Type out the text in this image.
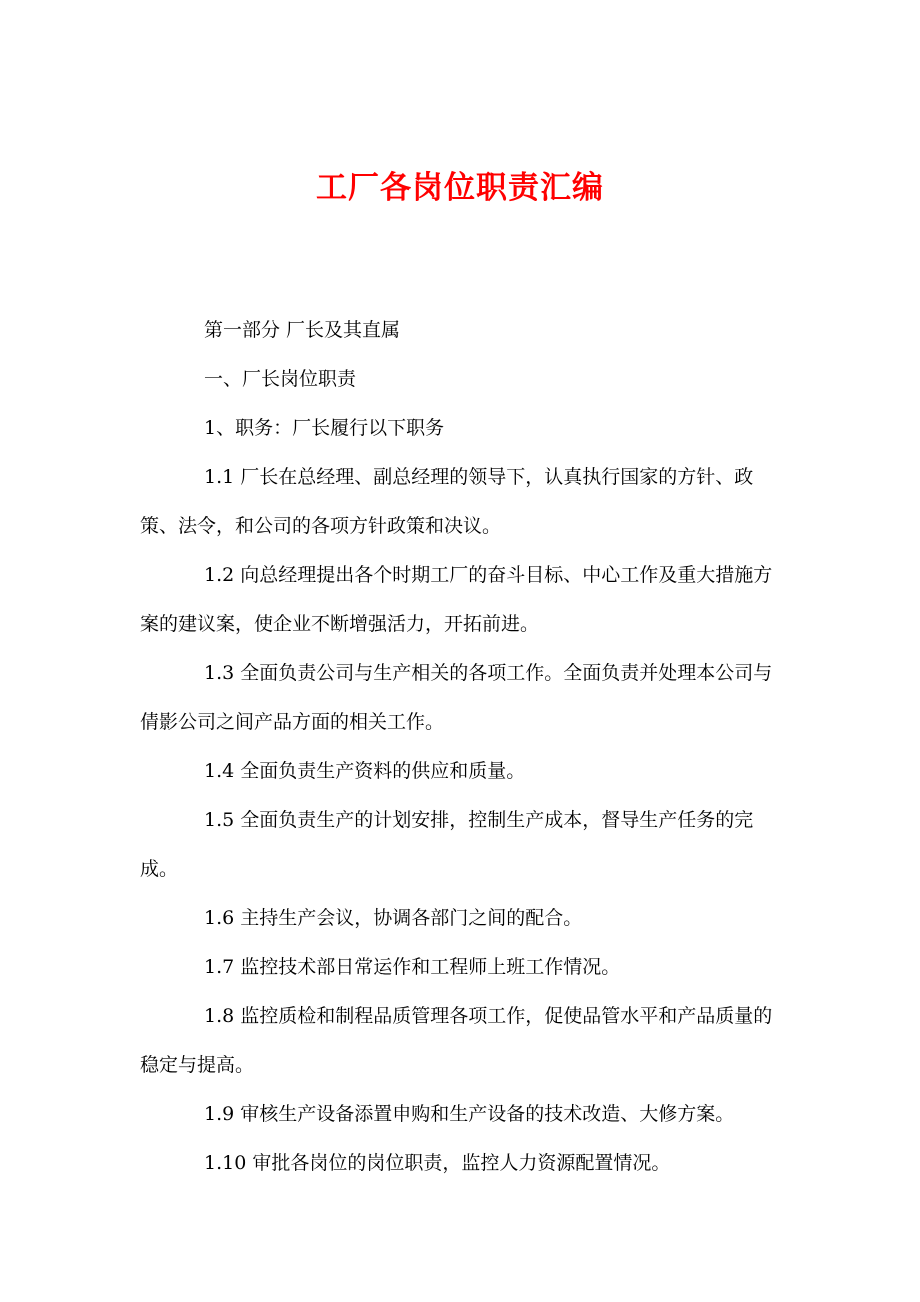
工厂各岗位职责汇编

第一部分 厂长及其直属

一、厂长岗位职责

1、职务：厂长履行以下职务

1.1 厂长在总经理、副总经理的领导下，认真执行国家的方针、政策、法令，和公司的各项方针政策和决议。

1.2 向总经理提出各个时期工厂的奋斗目标、中心工作及重大措施方案的建议案，使企业不断增强活力，开拓前进。

1.3 全面负责公司与生产相关的各项工作。全面负责并处理本公司与倩影公司之间产品方面的相关工作。

1.4 全面负责生产资料的供应和质量。

1.5 全面负责生产的计划安排，控制生产成本，督导生产任务的完成。

1.6 主持生产会议，协调各部门之间的配合。

1.7 监控技术部日常运作和工程师上班工作情况。

1.8 监控质检和制程品质管理各项工作，促使品管水平和产品质量的稳定与提高。

1.9 审核生产设备添置申购和生产设备的技术改造、大修方案。

1.10 审批各岗位的岗位职责，监控人力资源配置情况。
